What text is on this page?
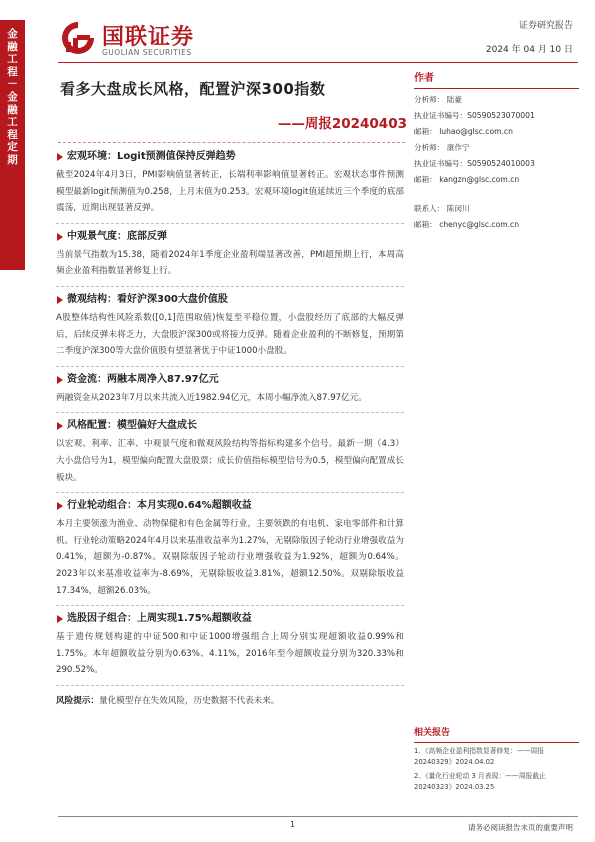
金
融
工
程
－
金
融
工
程
定
期
国联证券
GUOLIAN SECURITIES
证券研究报告
2024 年 04 月 10 日
看多大盘成长风格，配置沪深300指数
——周报20240403
宏观环境：Logit预测值保持反弹趋势

截至2024年4月3日，PMI影响值显著转正，长端利率影响值显著转正。宏观状态事件预测模型最新logit预测值为0.258，上月末值为0.253。宏观环境logit值延续近三个季度的底部震荡，近期出现显著反弹。

中观景气度：底部反弹

当前景气指数为15.38，随着2024年1季度企业盈利端显著改善，PMI超预期上行，本周高频企业盈利指数显著修复上行。

微观结构：看好沪深300大盘价值股

A股整体结构性风险系数([0,1]范围取值)恢复至平稳位置，小盘股经历了底部的大幅反弹后，后续反弹未将乏力，大盘股沪深300或将接力反弹。随着企业盈利的不断修复，预期第二季度沪深300等大盘价值股有望显著优于中证1000小盘股。

资金流：两融本周净入87.97亿元

两融资金从2023年7月以来共流入近1982.94亿元，本周小幅净流入87.97亿元。

风格配置：模型偏好大盘成长

以宏观、利率、汇率、中观景气度和微观风险结构等指标构建多个信号。最新一期（4.3）大小盘信号为1，模型偏向配置大盘股票；成长价值指标模型信号为0.5，模型偏向配置成长板块。

行业轮动组合：本月实现0.64%超额收益

本月主要领涨为渔业、动物保健和有色金属等行业，主要领跌的有电机、家电零部件和计算机。行业轮动策略2024年4月以来基准收益率为1.27%，无剔除版因子轮动行业增强收益为0.41%，超额为-0.87%。双剔除版因子轮动行业增强收益为1.92%，超额为0.64%。2023年以来基准收益率为-8.69%，无剔除版收益3.81%，超额12.50%。双剔除版收益17.34%，超额26.03%。

选股因子组合：上周实现1.75%超额收益

基于遗传规划构建的中证500和中证1000增强组合上周分别实现超额收益0.99%和1.75%。本年超额收益分别为0.63%、4.11%，2016年至今超额收益分别为320.33%和290.52%。

风险提示：量化模型存在失效风险，历史数据不代表未来。
作者
分析师： 陆豪
执业证书编号：S0590523070001
邮箱： luhao@glsc.com.cn
分析师： 康作宁
执业证书编号：S0590524010003
邮箱： kangzn@glsc.com.cn
联系人： 陈闵川
邮箱： chenyc@glsc.com.cn
相关报告
1、《高频企业盈利指数显著修复：——周报20240329》2024.04.02
2、《量化行业轮动 3 月表现：——周报截止20240323》2024.03.25
1	请务必阅读报告末页的重要声明
